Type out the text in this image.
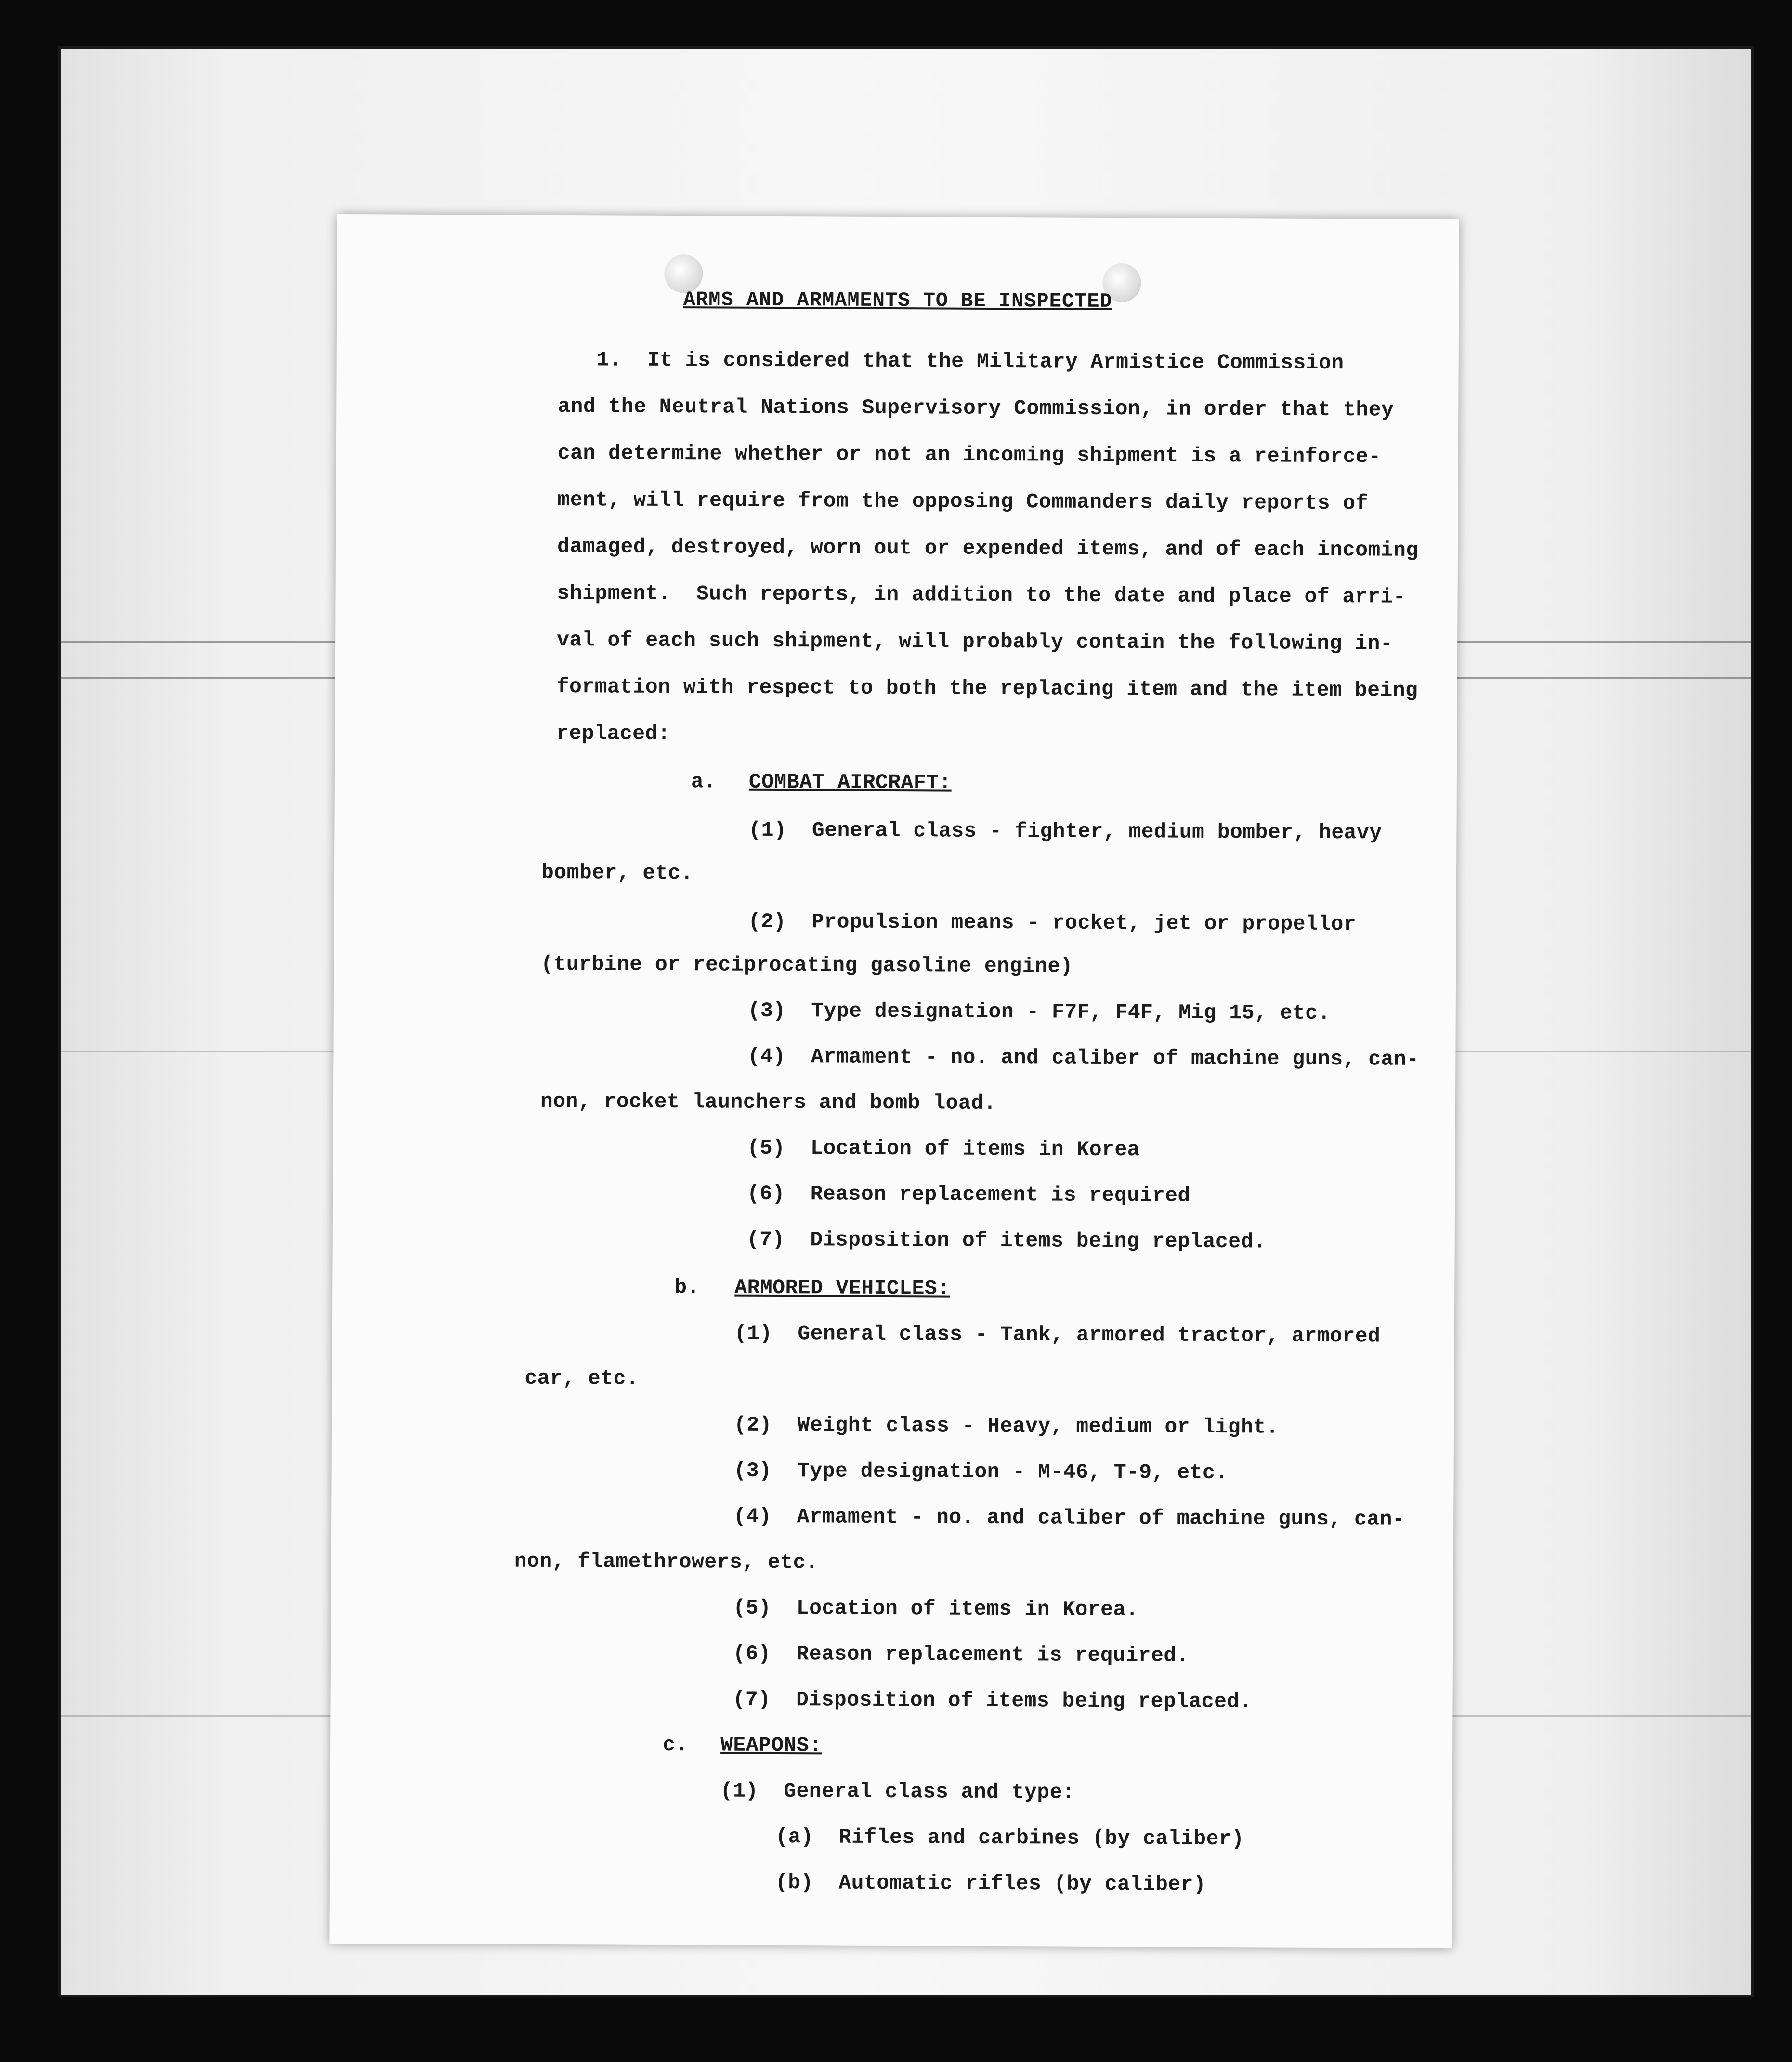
ARMS AND ARMAMENTS TO BE INSPECTED
1.  It is considered that the Military Armistice Commission
and the Neutral Nations Supervisory Commission, in order that they
can determine whether or not an incoming shipment is a reinforce-
ment, will require from the opposing Commanders daily reports of
damaged, destroyed, worn out or expended items, and of each incoming
shipment.  Such reports, in addition to the date and place of arri-
val of each such shipment, will probably contain the following in-
formation with respect to both the replacing item and the item being
replaced:
a. COMBAT AIRCRAFT:
(1)  General class - fighter, medium bomber, heavy
bomber, etc.
(2)  Propulsion means - rocket, jet or propellor
(turbine or reciprocating gasoline engine)
(3)  Type designation - F7F, F4F, Mig 15, etc.
(4)  Armament - no. and caliber of machine guns, can-
non, rocket launchers and bomb load.
(5)  Location of items in Korea
(6)  Reason replacement is required
(7)  Disposition of items being replaced.
b. ARMORED VEHICLES:
(1)  General class - Tank, armored tractor, armored
car, etc.
(2)  Weight class - Heavy, medium or light.
(3)  Type designation - M-46, T-9, etc.
(4)  Armament - no. and caliber of machine guns, can-
non, flamethrowers, etc.
(5)  Location of items in Korea.
(6)  Reason replacement is required.
(7)  Disposition of items being replaced.
c. WEAPONS:
(1)  General class and type:
(a)  Rifles and carbines (by caliber)
(b)  Automatic rifles (by caliber)
